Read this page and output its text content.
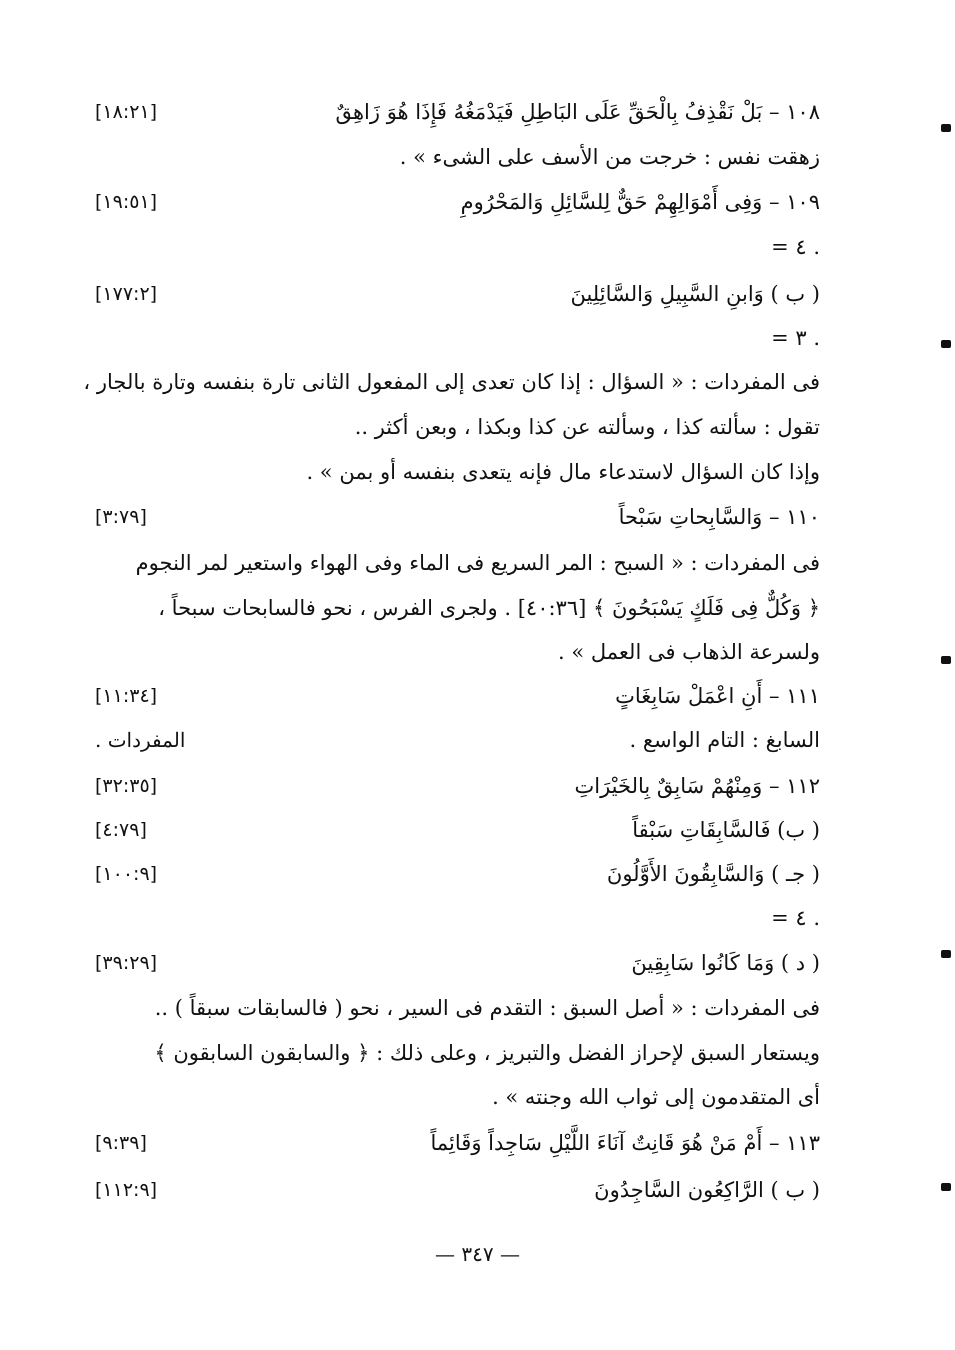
١٠٨ – بَلْ نَقْذِفُ بِالْحَقِّ عَلَى البَاطِلِ فَيَدْمَغُهُ فَإِذَا هُوَ زَاهِقٌ
[١٨:٢١]
زهقت نفس : خرجت من الأسف على الشىء » .
١٠٩ – وَفِى أَمْوَالِهِمْ حَقٌّ لِلسَّائِلِ وَالمَحْرُومِ
[١٩:٥١]
= ٤ .
( ب ) وَابنِ السَّبِيلِ وَالسَّائِلِينَ
[١٧٧:٢]
= ٣ .
فى المفردات : « السؤال : إذا كان تعدى إلى المفعول الثانى تارة بنفسه وتارة بالجار ،
تقول : سألته كذا ، وسألته عن كذا وبكذا ، وبعن أكثر ..
وإذا كان السؤال لاستدعاء مال فإنه يتعدى بنفسه أو بمن » .
١١٠ – وَالسَّابِحاتِ سَبْحاً
[٣:٧٩]
فى المفردات : « السبح : المر السريع فى الماء وفى الهواء واستعير لمر النجوم
﴿ وَكُلٌّ فِى فَلَكٍ يَسْبَحُونَ ﴾ [٤٠:٣٦] . ولجرى الفرس ، نحو فالسابحات سبحاً ،
ولسرعة الذهاب فى العمل » .
١١١ – أَنِ اعْمَلْ سَابِغَاتٍ
[١١:٣٤]
السابغ : التام الواسع .
المفردات .
١١٢ – وَمِنْهُمْ سَابِقٌ بِالخَيْرَاتِ
[٣٢:٣٥]
( ب) فَالسَّابِقَاتِ سَبْقاً
[٤:٧٩]
( جـ ) وَالسَّابِقُونَ الأَوَّلُونَ
[١٠٠:٩]
= ٤ .
( د ) وَمَا كَانُوا سَابِقِينَ
[٣٩:٢٩]
فى المفردات : « أصل السبق : التقدم فى السير ، نحو ( فالسابقات سبقاً ) ..
ويستعار السبق لإحراز الفضل والتبريز ، وعلى ذلك : ﴿ والسابقون السابقون ﴾
أى المتقدمون إلى ثواب الله وجنته » .
١١٣ – أَمْ مَنْ هُوَ قَانِتٌ آنَاءَ اللَّيْلِ سَاجِداً وَقَائِماً
[٩:٣٩]
( ب ) الرَّاكِعُون السَّاجِدُونَ
[١١٢:٩]
— ٣٤٧ —
